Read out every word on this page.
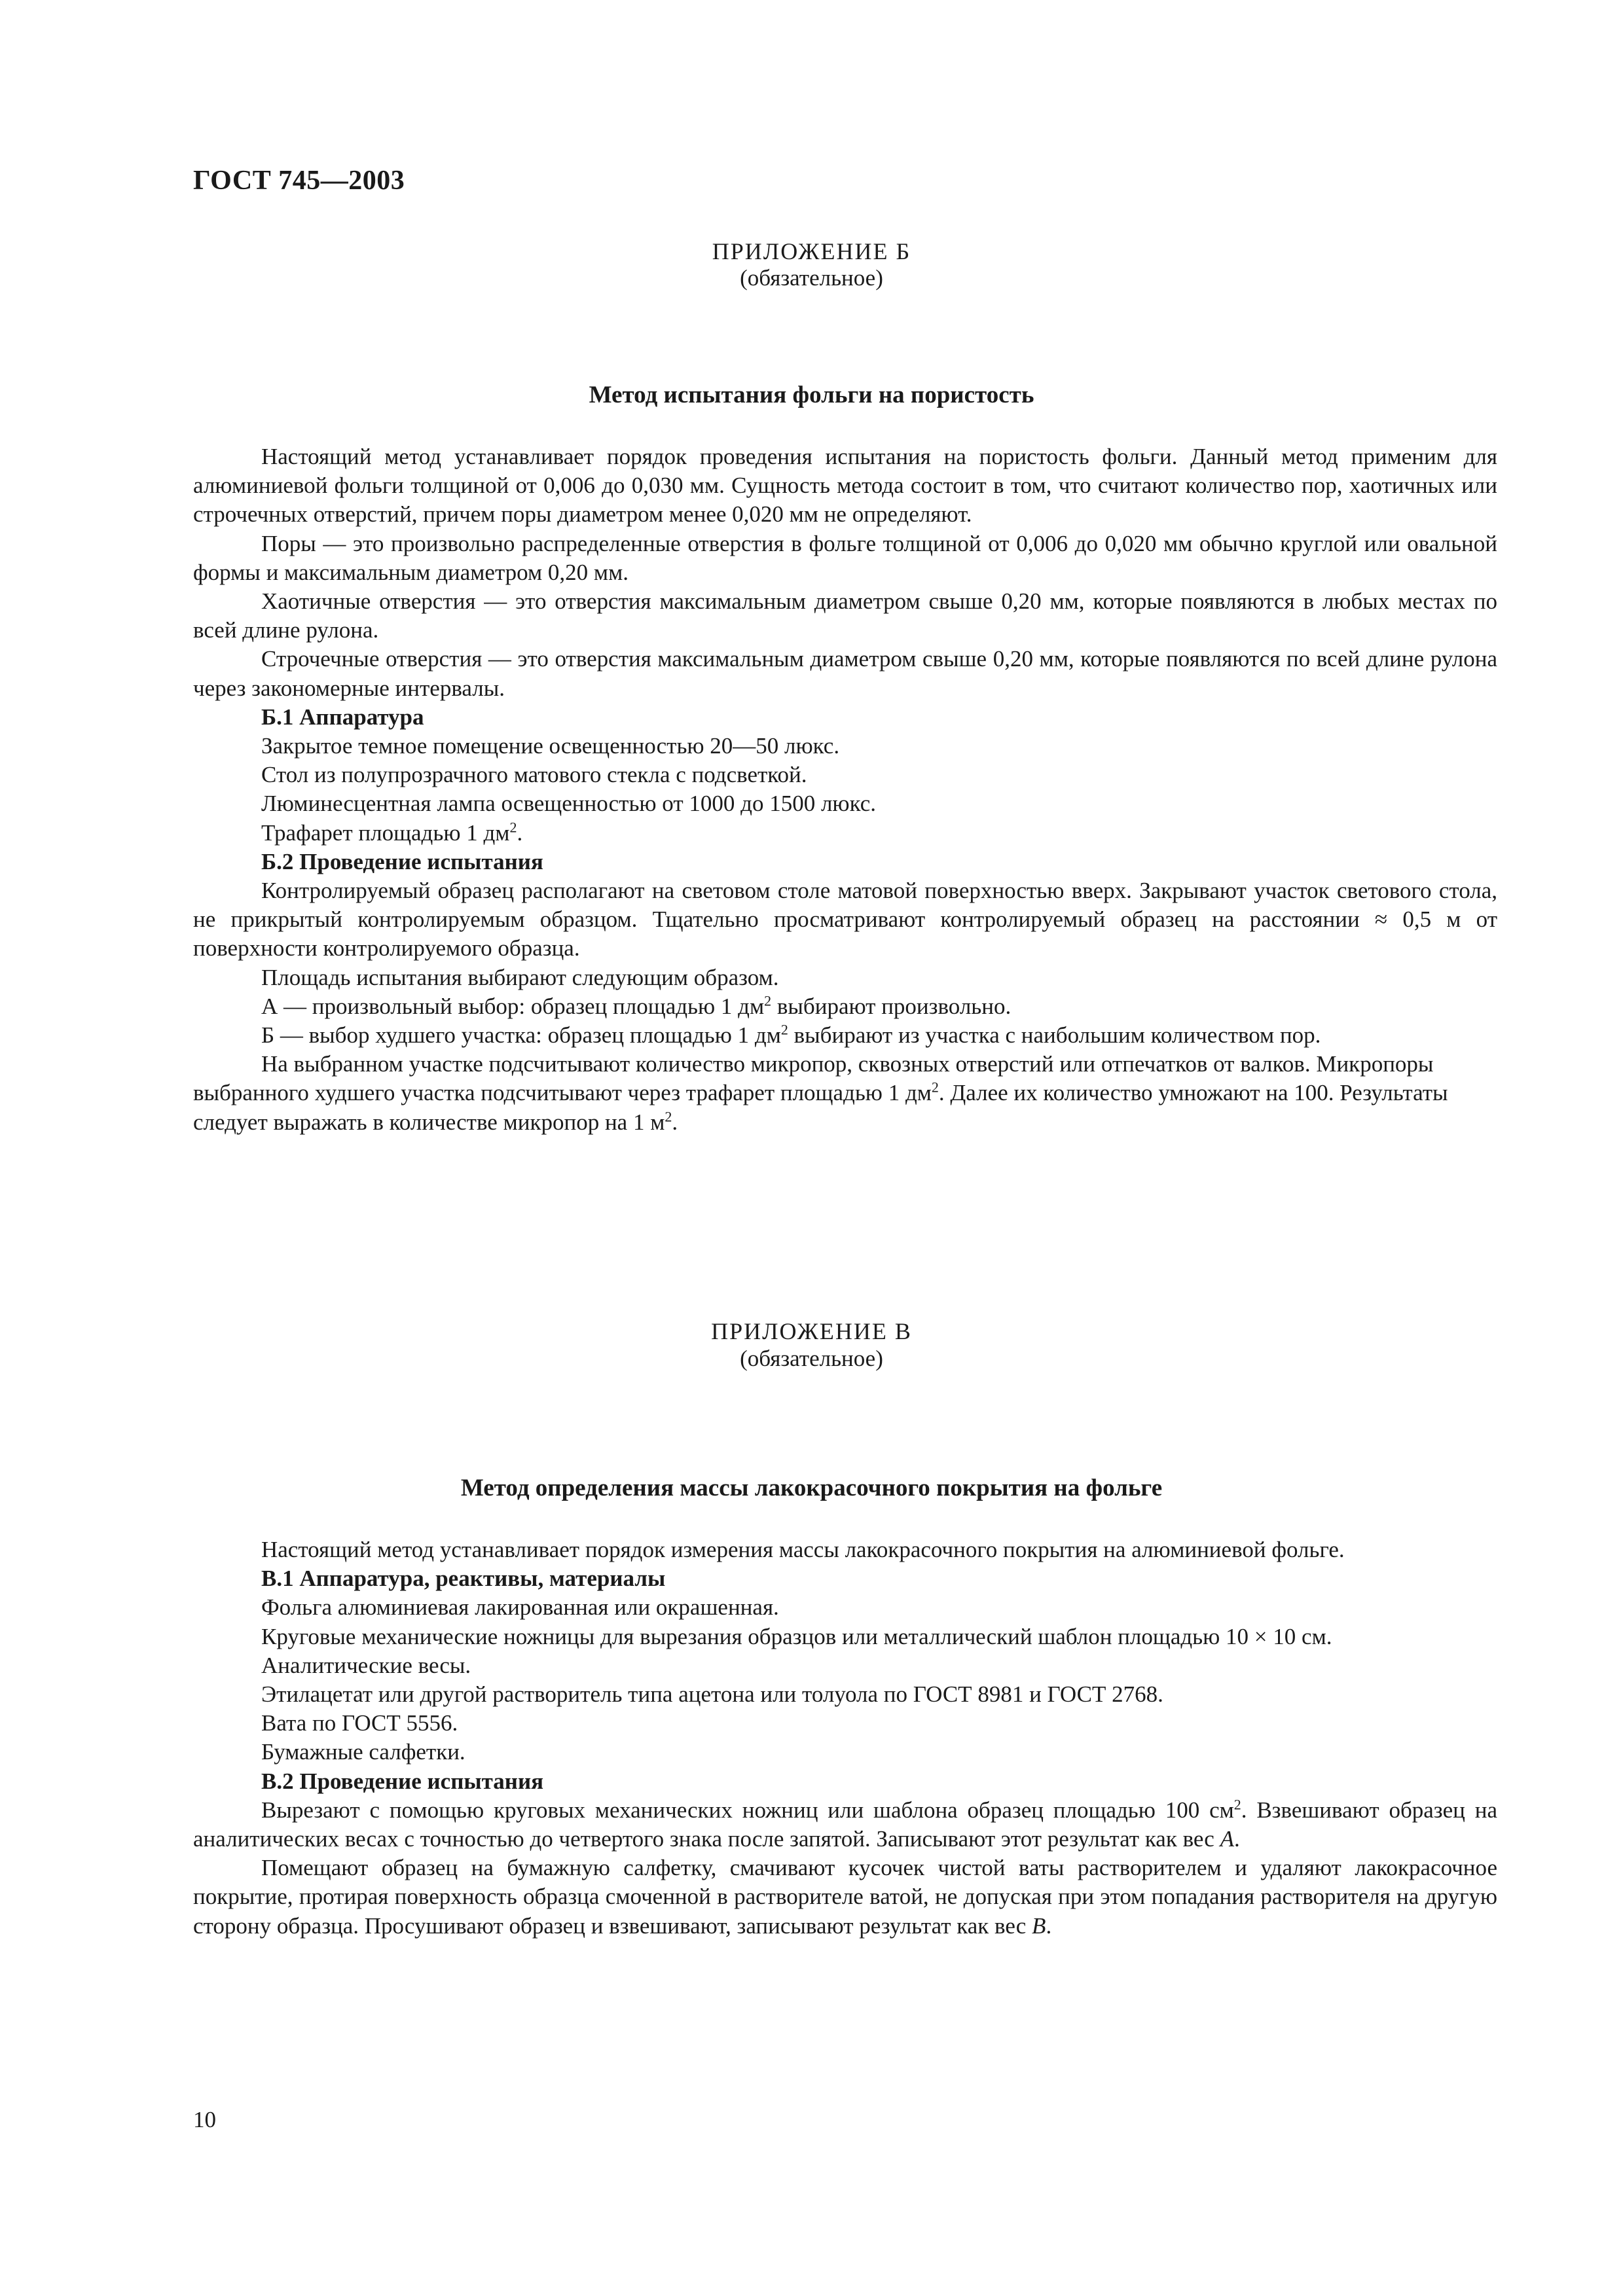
ГОСТ 745—2003
ПРИЛОЖЕНИЕ Б
(обязательное)
Метод испытания фольги на пористость

Настоящий метод устанавливает порядок проведения испытания на пористость фольги. Данный метод применим для алюминиевой фольги толщиной от 0,006 до 0,030 мм. Сущность метода состоит в том, что считают количество пор, хаотичных или строчечных отверстий, причем поры диаметром менее 0,020 мм не определяют.

Поры — это произвольно распределенные отверстия в фольге толщиной от 0,006 до 0,020 мм обычно круглой или овальной формы и максимальным диаметром 0,20 мм.

Хаотичные отверстия — это отверстия максимальным диаметром свыше 0,20 мм, которые появляются в любых местах по всей длине рулона.

Строчечные отверстия — это отверстия максимальным диаметром свыше 0,20 мм, которые появляются по всей длине рулона через закономерные интервалы.

Б.1 Аппаратура

Закрытое темное помещение освещенностью 20—50 люкс.

Стол из полупрозрачного матового стекла с подсветкой.

Люминесцентная лампа освещенностью от 1000 до 1500 люкс.

Трафарет площадью 1 $дм^2$.

Б.2 Проведение испытания

Контролируемый образец располагают на световом столе матовой поверхностью вверх. Закрывают участок светового стола, не прикрытый контролируемым образцом. Тщательно просматривают контролируемый образец на расстоянии ≈ 0,5 м от поверхности контролируемого образца.

Площадь испытания выбирают следующим образом.

А — произвольный выбор: образец площадью 1 $дм^2$ выбирают произвольно.

Б — выбор худшего участка: образец площадью 1 $дм^2$ выбирают из участка с наибольшим количеством пор.

На выбранном участке подсчитывают количество микропор, сквозных отверстий или отпечатков от валков. Микропоры выбранного худшего участка подсчитывают через трафарет площадью 1 $дм^2$. Далее их количество умножают на 100. Результаты следует выражать в количестве микропор на 1 $м^2$.

ПРИЛОЖЕНИЕ В
(обязательное)
Метод определения массы лакокрасочного покрытия на фольге

Настоящий метод устанавливает порядок измерения массы лакокрасочного покрытия на алюминиевой фольге.

В.1 Аппаратура, реактивы, материалы

Фольга алюминиевая лакированная или окрашенная.

Круговые механические ножницы для вырезания образцов или металлический шаблон площадью 10 × 10 см.

Аналитические весы.

Этилацетат или другой растворитель типа ацетона или толуола по ГОСТ 8981 и ГОСТ 2768.

Вата по ГОСТ 5556.

Бумажные салфетки.

В.2 Проведение испытания

Вырезают с помощью круговых механических ножниц или шаблона образец площадью 100 $см^2$. Взвешивают образец на аналитических весах с точностью до четвертого знака после запятой. Записывают этот результат как вес А.

Помещают образец на бумажную салфетку, смачивают кусочек чистой ваты растворителем и удаляют лакокрасочное покрытие, протирая поверхность образца смоченной в растворителе ватой, не допуская при этом попадания растворителя на другую сторону образца. Просушивают образец и взвешивают, записывают результат как вес В.

10
